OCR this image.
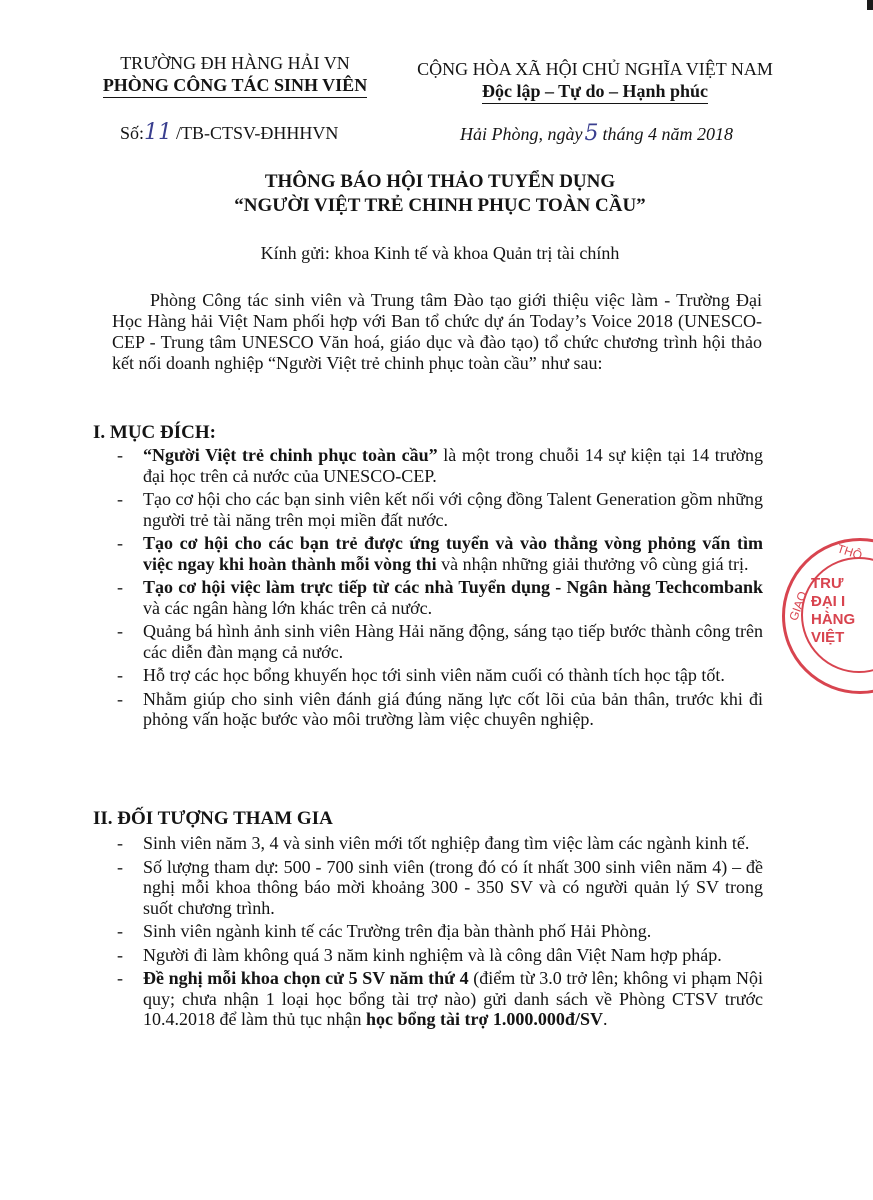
TRƯỜNG ĐH HÀNG HẢI VN
PHÒNG CÔNG TÁC SINH VIÊN
CỘNG HÒA XÃ HỘI CHỦ NGHĨA VIỆT NAM
Độc lập – Tự do – Hạnh phúc
Số:11 /TB-CTSV-ĐHHHVN	Hải Phòng, ngày5 tháng 4 năm 2018
THÔNG BÁO HỘI THẢO TUYỂN DỤNG
“NGƯỜI VIỆT TRẺ CHINH PHỤC TOÀN CẦU”
Kính gửi: khoa Kinh tế và khoa Quản trị tài chính
Phòng Công tác sinh viên và Trung tâm Đào tạo giới thiệu việc làm - Trường Đại Học Hàng hải Việt Nam phối hợp với Ban tổ chức dự án Today’s Voice 2018 (UNESCO-CEP - Trung tâm UNESCO Văn hoá, giáo dục và đào tạo) tổ chức chương trình hội thảo kết nối doanh nghiệp “Người Việt trẻ chinh phục toàn cầu” như sau:
I. MỤC ĐÍCH:
- “Người Việt trẻ chinh phục toàn cầu” là một trong chuỗi 14 sự kiện tại 14 trường đại học trên cả nước của UNESCO-CEP.
- Tạo cơ hội cho các bạn sinh viên kết nối với cộng đồng Talent Generation gồm những người trẻ tài năng trên mọi miền đất nước.
- Tạo cơ hội cho các bạn trẻ được ứng tuyển và vào thẳng vòng phỏng vấn tìm việc ngay khi hoàn thành mỗi vòng thi và nhận những giải thưởng vô cùng giá trị.
- Tạo cơ hội việc làm trực tiếp từ các nhà Tuyển dụng - Ngân hàng Techcombank và các ngân hàng lớn khác trên cả nước.
- Quảng bá hình ảnh sinh viên Hàng Hải năng động, sáng tạo tiếp bước thành công trên các diễn đàn mạng cả nước.
- Hỗ trợ các học bổng khuyến học tới sinh viên năm cuối có thành tích học tập tốt.
- Nhằm giúp cho sinh viên đánh giá đúng năng lực cốt lõi của bản thân, trước khi đi phỏng vấn hoặc bước vào môi trường làm việc chuyên nghiệp.
II. ĐỐI TƯỢNG THAM GIA
- Sinh viên năm 3, 4 và sinh viên mới tốt nghiệp đang tìm việc làm các ngành kinh tế.
- Số lượng tham dự: 500 - 700 sinh viên (trong đó có ít nhất 300 sinh viên năm 4) – đề nghị mỗi khoa thông báo mời khoảng 300 - 350 SV và có người quản lý SV trong suốt chương trình.
- Sinh viên ngành kinh tế các Trường trên địa bàn thành phố Hải Phòng.
- Người đi làm không quá 3 năm kinh nghiệm và là công dân Việt Nam hợp pháp.
- Đề nghị mỗi khoa chọn cử 5 SV năm thứ 4 (điểm từ 3.0 trở lên; không vi phạm Nội quy; chưa nhận 1 loại học bổng tài trợ nào) gửi danh sách về Phòng CTSV trước 10.4.2018 để làm thủ tục nhận học bổng tài trợ 1.000.000đ/SV.
THÔ
GIAO
TRƯ
ĐẠI I
HÀNG
VIỆT
